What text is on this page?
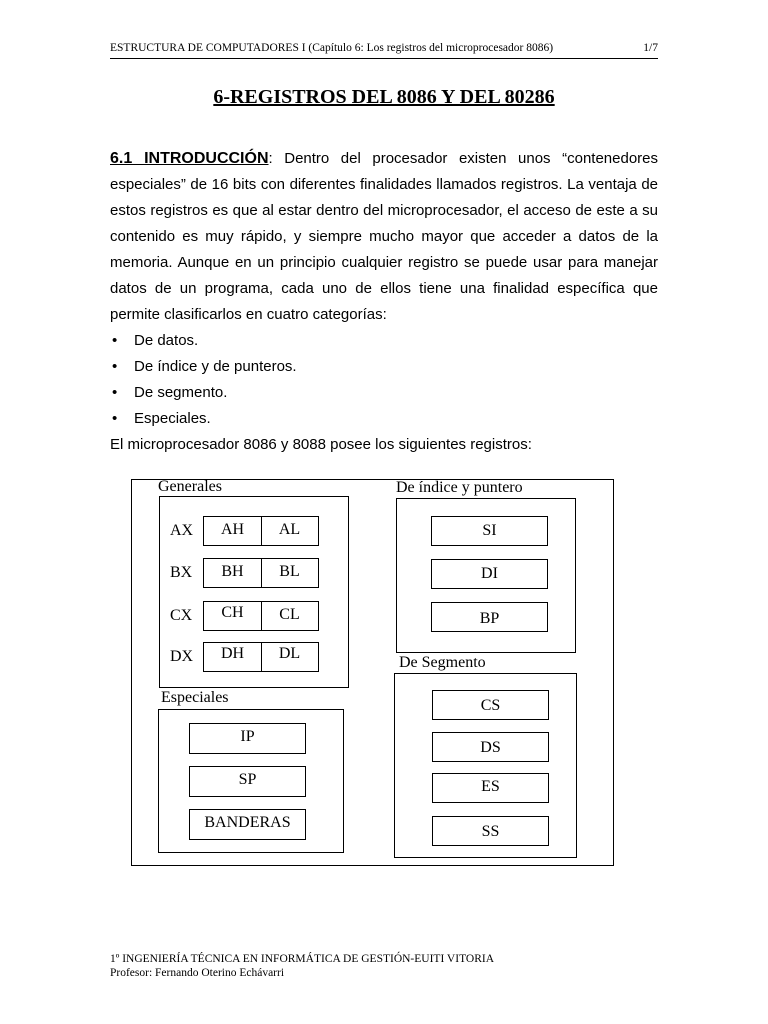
ESTRUCTURA DE COMPUTADORES I (Capítulo 6: Los registros del microprocesador 8086)	1/7
6-REGISTROS DEL 8086 Y DEL 80286

6.1 INTRODUCCIÓN: Dentro del procesador existen unos “contenedores especiales” de 16 bits con diferentes finalidades llamados registros. La ventaja de estos registros es que al estar dentro del microprocesador, el acceso de este a su contenido es muy rápido, y siempre mucho mayor que acceder a datos de la memoria. Aunque en un principio cualquier registro se puede usar para manejar datos de un programa, cada uno de ellos tiene una finalidad específica que permite clasificarlos en cuatro categorías:

• De datos.
• De índice y de punteros.
• De segmento.
• Especiales.

El microprocesador 8086 y 8088 posee los siguientes registros:

Generales
AX	AH	AL
BX	BH	BL
CX	CH	CL
DX	DH	DL
De índice y puntero
SI
DI
BP
De Segmento
CS
DS
ES
SS
Especiales
IP
SP
BANDERAS
1º INGENIERÍA TÉCNICA EN INFORMÁTICA DE GESTIÓN-EUITI VITORIA
Profesor: Fernando Oterino Echávarri
